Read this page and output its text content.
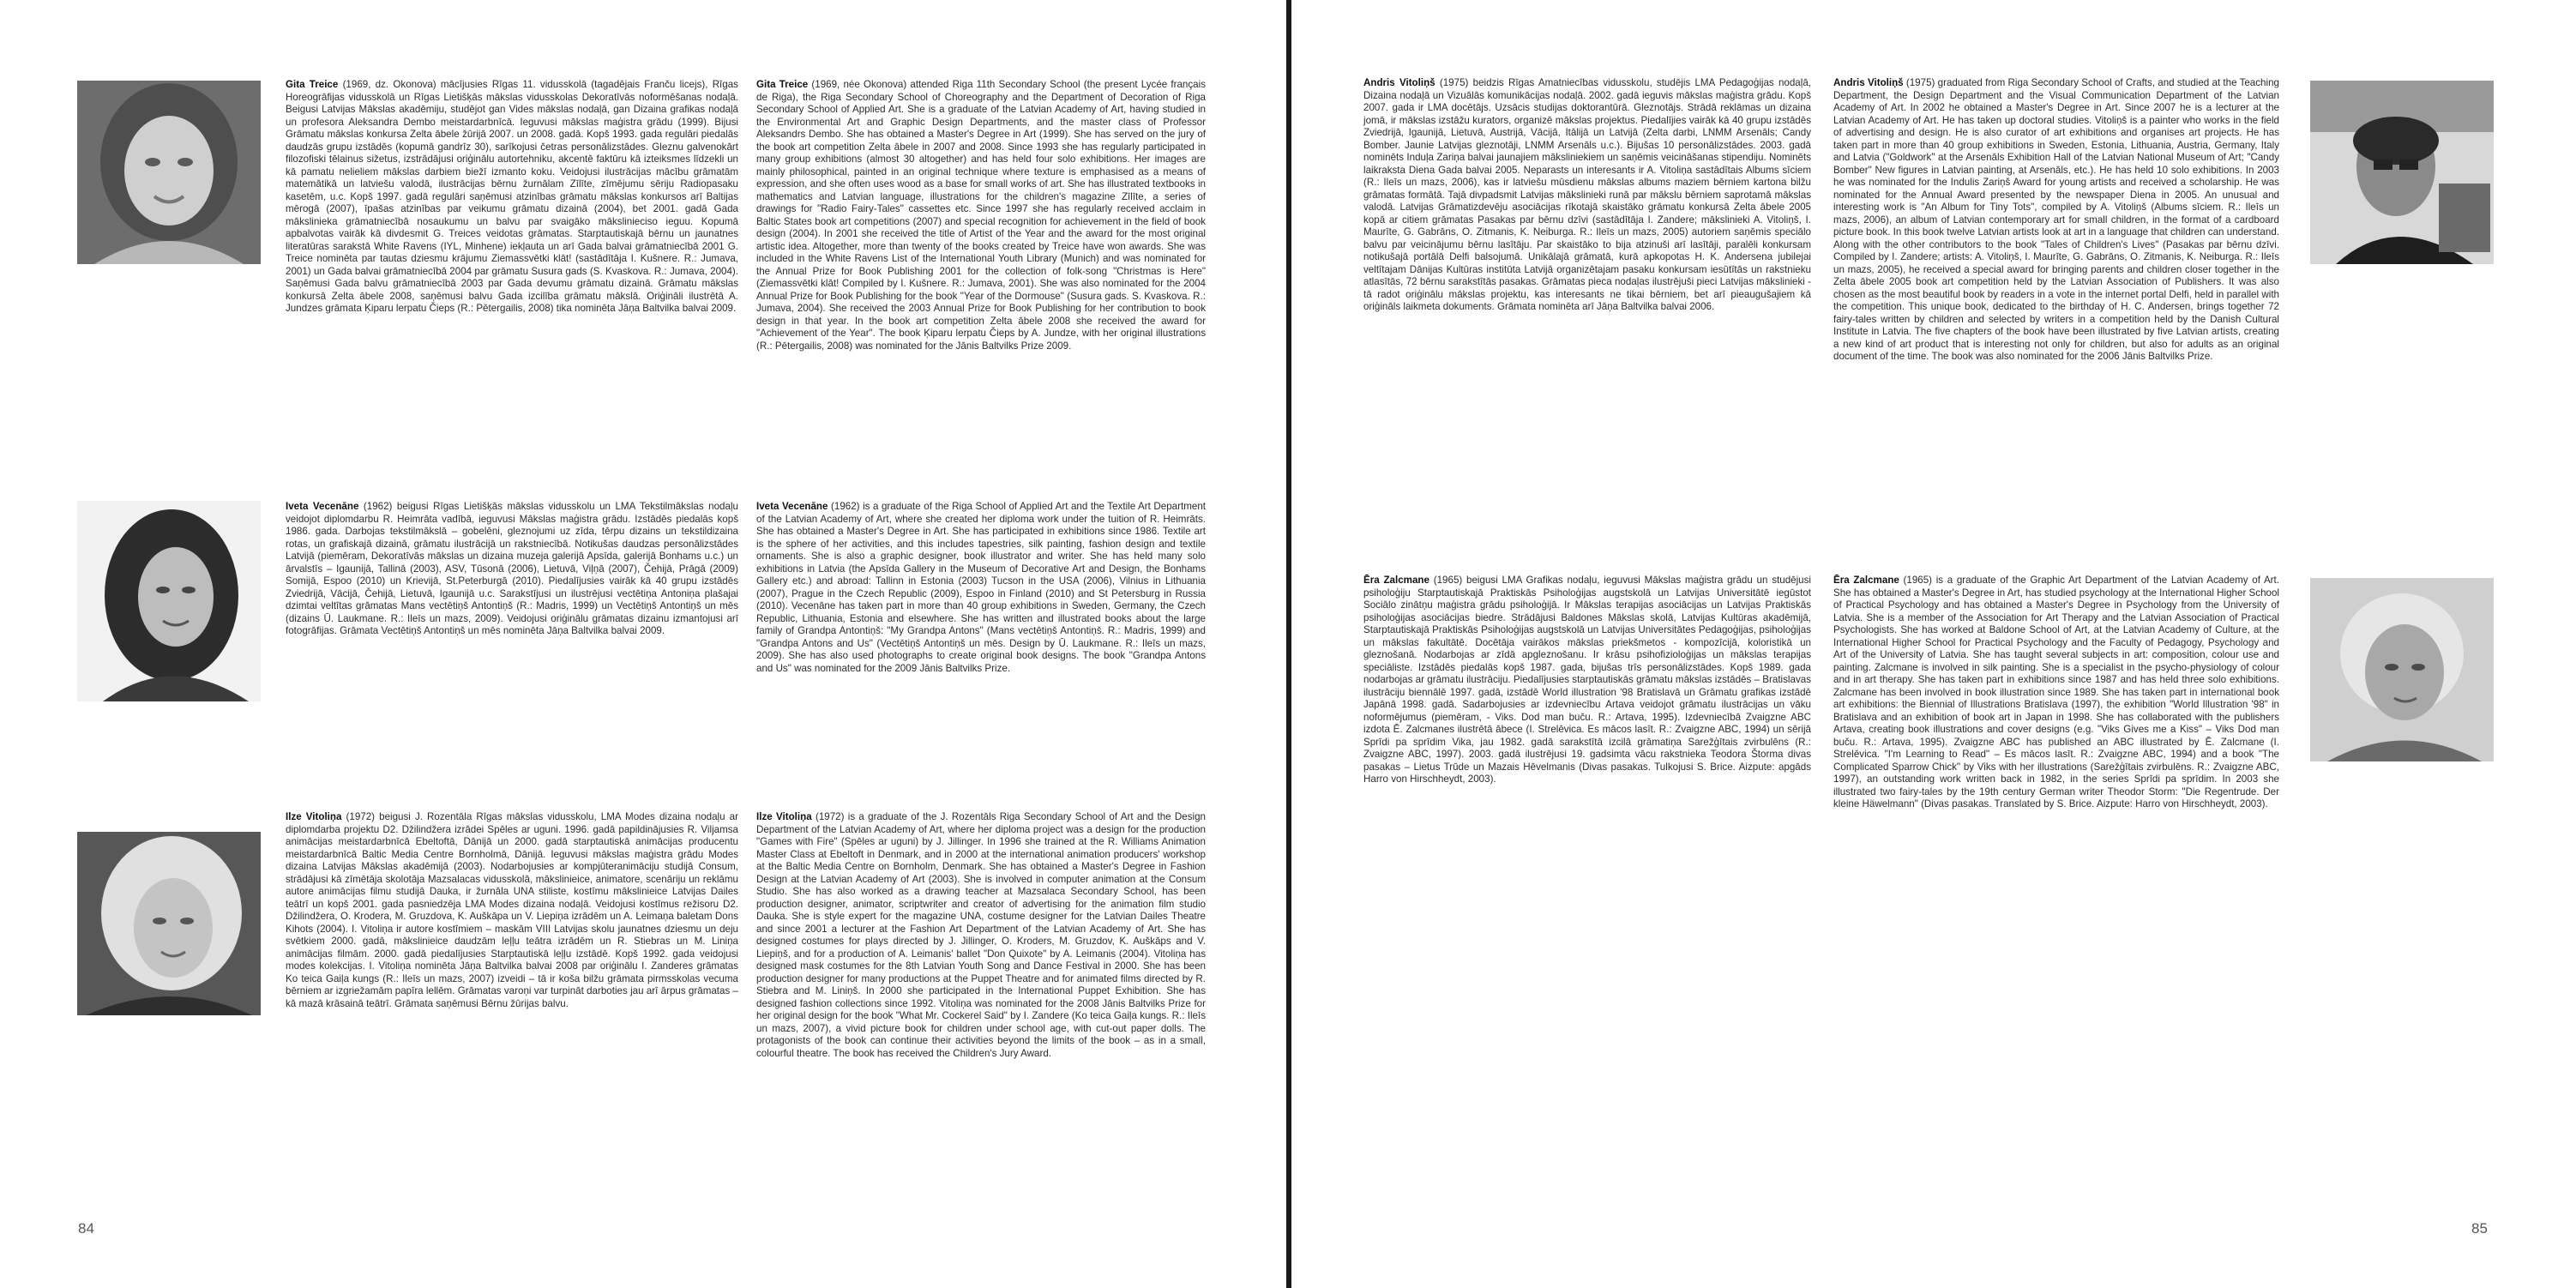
Gita Treice (1969, dz. Okonova) mācījusies Rīgas 11. vidusskolā (tagadējais Franču licejs), Rīgas Horeogrāfijas vidusskolā un Rīgas Lietišķās mākslas vidusskolas Dekoratīvās noformēšanas nodaļā. Beigusi Latvijas Mākslas akadēmiju, studējot gan Vides mākslas nodaļā, gan Dizaina grafikas nodaļā un profesora Aleksandra Dembo meistardarbnīcā. Ieguvusi mākslas maģistra grādu (1999). Bijusi Grāmatu mākslas konkursa Zelta ābele žūrijā 2007. un 2008. gadā. Kopš 1993. gada regulāri piedalās daudzās grupu izstādēs (kopumā gandrīz 30), sarīkojusi četras personālizstādes. Gleznu galvenokārt filozofiski tēlainus sižetus, izstrādājusi oriģinālu autortehniku, akcentē faktūru kā izteiksmes līdzekli un kā pamatu nelieliem mākslas darbiem biežī izmanto koku. Veidojusi ilustrācijas mācību grāmatām matemātikā un latviešu valodā, ilustrācijas bērnu žurnālam Zīlīte, zīmējumu sēriju Radiopasaku kasetēm, u.c. Kopš 1997. gadā regulāri saņēmusi atzinības grāmatu mākslas konkursos arī Baltijas mērogā (2007), īpašas atzinības par veikumu grāmatu dizainā (2004), bet 2001. gadā Gada mākslinieka grāmatniecībā nosaukumu un balvu par svaigāko mākslinieciso ieguu. Kopumā apbalvotas vairāk kā divdesmit G. Treices veidotas grāmatas. Starptautiskajā bērnu un jaunatnes literatūras sarakstā White Ravens (IYL, Minhene) iekļauta un arī Gada balvai grāmatniecībā 2001 G. Treice nominēta par tautas dziesmu krājumu Ziemassvētki klāt! (sastādītāja I. Kušnere. R.: Jumava, 2001) un Gada balvai grāmatniecībā 2004 par grāmatu Susura gads (S. Kvaskova. R.: Jumava, 2004). Saņēmusi Gada balvu grāmatniecībā 2003 par Gada devumu grāmatu dizainā. Grāmatu mākslas konkursā Zelta ābele 2008, saņēmusi balvu Gada izcilība grāmatu mākslā. Oriģināli ilustrētā A. Jundzes grāmata Ķiparu lerpatu Čieps (R.: Pētergailis, 2008) tika nominēta Jāņa Baltvilka balvai 2009.

Gita Treice (1969, née Okonova) attended Riga 11th Secondary School (the present Lycée français de Riga), the Riga Secondary School of Choreography and the Department of Decoration of Riga Secondary School of Applied Art. She is a graduate of the Latvian Academy of Art, having studied in the Environmental Art and Graphic Design Departments, and the master class of Professor Aleksandrs Dembo. She has obtained a Master's Degree in Art (1999). She has served on the jury of the book art competition Zelta ābele in 2007 and 2008. Since 1993 she has regularly participated in many group exhibitions (almost 30 altogether) and has held four solo exhibitions. Her images are mainly philosophical, painted in an original technique where texture is emphasised as a means of expression, and she often uses wood as a base for small works of art. She has illustrated textbooks in mathematics and Latvian language, illustrations for the children's magazine Zīlīte, a series of drawings for "Radio Fairy-Tales" cassettes etc. Since 1997 she has regularly received acclaim in Baltic States book art competitions (2007) and special recognition for achievement in the field of book design (2004). In 2001 she received the title of Artist of the Year and the award for the most original artistic idea. Altogether, more than twenty of the books created by Treice have won awards. She was included in the White Ravens List of the International Youth Library (Munich) and was nominated for the Annual Prize for Book Publishing 2001 for the collection of folk-song "Christmas is Here" (Ziemassvētki klāt! Compiled by I. Kušnere. R.: Jumava, 2001). She was also nominated for the 2004 Annual Prize for Book Publishing for the book "Year of the Dormouse" (Susura gads. S. Kvaskova. R.: Jumava, 2004). She received the 2003 Annual Prize for Book Publishing for her contribution to book design in that year. In the book art competition Zelta ābele 2008 she received the award for "Achievement of the Year". The book Ķiparu lerpatu Čieps by A. Jundze, with her original illustrations (R.: Pētergailis, 2008) was nominated for the Jānis Baltvilks Prize 2009.

Iveta Vecenāne (1962) beigusi Rīgas Lietišķās mākslas vidusskolu un LMA Tekstilmākslas nodaļu veidojot diplomdarbu R. Heimrāta vadībā, ieguvusi Mākslas maģistra grādu. Izstādēs piedalās kopš 1986. gada. Darbojas tekstilmākslā – gobelēni, gleznojumi uz zīda, tērpu dizains un tekstildizaina rotas, un grafiskajā dizainā, grāmatu ilustrācijā un rakstniecībā. Notikušas daudzas personālizstādes Latvijā (piemēram, Dekoratīvās mākslas un dizaina muzeja galerijā Apsīda, galerijā Bonhams u.c.) un ārvalstīs – Igaunijā, Tallinā (2003), ASV, Tūsonā (2006), Lietuvā, Viļņā (2007), Čehijā, Prāgā (2009) Somijā, Espoo (2010) un Krievijā, St.Peterburgā (2010). Piedalījusies vairāk kā 40 grupu izstādēs Zviedrijā, Vācijā, Čehijā, Lietuvā, Igaunijā u.c. Sarakstījusi un ilustrējusi vectētiņa Antoniņa plašajai dzimtai veltītas grāmatas Mans vectētiņš Antontiņš (R.: Madris, 1999) un Vectētiņš Antontiņš un mēs (dizains Ū. Laukmane. R.: Ileīs un mazs, 2009). Veidojusi oriģinālu grāmatas dizainu izmantojusi arī fotogrāfijas. Grāmata Vectētiņš Antontiņš un mēs nominēta Jāņa Baltvilka balvai 2009.

Iveta Vecenāne (1962) is a graduate of the Riga School of Applied Art and the Textile Art Department of the Latvian Academy of Art, where she created her diploma work under the tuition of R. Heimrāts. She has obtained a Master's Degree in Art. She has participated in exhibitions since 1986. Textile art is the sphere of her activities, and this includes tapestries, silk painting, fashion design and textile ornaments. She is also a graphic designer, book illustrator and writer. She has held many solo exhibitions in Latvia (the Apsīda Gallery in the Museum of Decorative Art and Design, the Bonhams Gallery etc.) and abroad: Tallinn in Estonia (2003) Tucson in the USA (2006), Vilnius in Lithuania (2007), Prague in the Czech Republic (2009), Espoo in Finland (2010) and St Petersburg in Russia (2010). Vecenāne has taken part in more than 40 group exhibitions in Sweden, Germany, the Czech Republic, Lithuania, Estonia and elsewhere. She has written and illustrated books about the large family of Grandpa Antontiņš: "My Grandpa Antons" (Mans vectētiņš Antontiņš. R.: Madris, 1999) and "Grandpa Antons and Us" (Vectētiņš Antontiņš un mēs. Design by Ū. Laukmane. R.: Ileīs un mazs, 2009). She has also used photographs to create original book designs. The book "Grandpa Antons and Us" was nominated for the 2009 Jānis Baltvilks Prize.

Ilze Vitoliņa (1972) beigusi J. Rozentāla Rīgas mākslas vidusskolu, LMA Modes dizaina nodaļu ar diplomdarba projektu D2. Džilindžera izrādei Spēles ar uguni. 1996. gadā papildinājusies R. Viljamsa animācijas meistardarbnīcā Ebeltoftā, Dānijā un 2000. gadā starptautiskā animācijas producentu meistardarbnīcā Baltic Media Centre Bornholmā, Dānijā. Ieguvusi mākslas maģistra grādu Modes dizaina Latvijas Mākslas akadēmijā (2003). Nodarbojusies ar kompjūteranimāciju studijā Consum, strādājusi kā zīmētāja skolotāja Mazsalacas vidusskolā, mākslinieice, animatore, scenāriju un reklāmu autore animācijas filmu studijā Dauka, ir žurnāla UNA stiliste, kostīmu mākslinieice Latvijas Dailes teātrī un kopš 2001. gada pasniedzēja LMA Modes dizaina nodaļā. Veidojusi kostīmus režisoru D2. Džilindžera, O. Krodera, M. Gruzdova, K. Auškāpa un V. Liepiņa izrādēm un A. Leimaņa baletam Dons Kihots (2004). I. Vitoliņa ir autore kostīmiem – maskām VIII Latvijas skolu jaunatnes dziesmu un deju svētkiem 2000. gadā, mākslinieice daudzām leļļu teātra izrādēm un R. Stiebras un M. Liniņa animācijas filmām. 2000. gadā piedalījusies Starptautiskā leļļu izstādē. Kopš 1992. gada veidojusi modes kolekcijas. I. Vitoliņa nominēta Jāņa Baltvilka balvai 2008 par oriģinālu I. Zanderes grāmatas Ko teica Gaiļa kungs (R.: Ileīs un mazs, 2007) izveidi – tā ir koša bilžu grāmata pirmsskolas vecuma bērniem ar izgriežamām papīra lellēm. Grāmatas varoņi var turpināt darboties jau arī ārpus grāmatas – kā mazā krāsainā teātrī. Grāmata saņēmusi Bērnu žūrijas balvu.

Ilze Vitoliņa (1972) is a graduate of the J. Rozentāls Riga Secondary School of Art and the Design Department of the Latvian Academy of Art, where her diploma project was a design for the production "Games with Fire" (Spēles ar uguni) by J. Jillinger. In 1996 she trained at the R. Williams Animation Master Class at Ebeltoft in Denmark, and in 2000 at the international animation producers' workshop at the Baltic Media Centre on Bornholm, Denmark. She has obtained a Master's Degree in Fashion Design at the Latvian Academy of Art (2003). She is involved in computer animation at the Consum Studio. She has also worked as a drawing teacher at Mazsalaca Secondary School, has been production designer, animator, scriptwriter and creator of advertising for the animation film studio Dauka. She is style expert for the magazine UNA, costume designer for the Latvian Dailes Theatre and since 2001 a lecturer at the Fashion Art Department of the Latvian Academy of Art. She has designed costumes for plays directed by J. Jillinger, O. Kroders, M. Gruzdov, K. Auškāps and V. Liepiņš, and for a production of A. Leimanis' ballet "Don Quixote" by A. Leimanis (2004). Vitoliņa has designed mask costumes for the 8th Latvian Youth Song and Dance Festival in 2000. She has been production designer for many productions at the Puppet Theatre and for animated films directed by R. Stiebra and M. Liniņš. In 2000 she participated in the International Puppet Exhibition. She has designed fashion collections since 1992. Vitoliņa was nominated for the 2008 Jānis Baltvilks Prize for her original design for the book "What Mr. Cockerel Said" by I. Zandere (Ko teica Gaiļa kungs. R.: Ileīs un mazs, 2007), a vivid picture book for children under school age, with cut-out paper dolls. The protagonists of the book can continue their activities beyond the limits of the book – as in a small, colourful theatre. The book has received the Children's Jury Award.

84

Andris Vitoliņš (1975) beidzis Rīgas Amatniecības vidusskolu, studējis LMA Pedagoģijas nodaļā, Dizaina nodaļā un Vizuālās komunikācijas nodaļā. 2002. gadā ieguvis mākslas maģistra grādu. Kopš 2007. gada ir LMA docētājs. Uzsācis studijas doktorantūrā. Gleznotājs. Strādā reklāmas un dizaina jomā, ir mākslas izstāžu kurators, organizē mākslas projektus. Piedalījies vairāk kā 40 grupu izstādēs Zviedrijā, Igaunijā, Lietuvā, Austrijā, Vācijā, Itālijā un Latvijā (Zelta darbi, LNMM Arsenāls; Candy Bomber. Jaunie Latvijas gleznotāji, LNMM Arsenāls u.c.). Bijušas 10 personālizstādes. 2003. gadā nominēts Induļa Zariņa balvai jaunajiem māksliniekiem un saņēmis veicināšanas stipendiju. Nominēts laikraksta Diena Gada balvai 2005. Neparasts un interesants ir A. Vitoliņa sastādītais Albums sīciem (R.: Ileīs un mazs, 2006), kas ir latviešu mūsdienu mākslas albums maziem bērniem kartona bilžu grāmatas formātā. Tajā divpadsmit Latvijas mākslinieki runā par mākslu bērniem saprotamā mākslas valodā. Latvijas Grāmatizdevēju asociācijas rīkotajā skaistāko grāmatu konkursā Zelta ābele 2005 kopā ar citiem grāmatas Pasakas par bērnu dzīvi (sastādītāja I. Zandere; mākslinieki A. Vitoliņš, I. Maurīte, G. Gabrāns, O. Zitmanis, K. Neiburga. R.: Ileīs un mazs, 2005) autoriem saņēmis speciālo balvu par veicinājumu bērnu lasītāju. Par skaistāko to bija atzinuši arī lasītāji, paralēli konkursam notikušajā portālā Delfi balsojumā. Unikālajā grāmatā, kurā apkopotas H. K. Andersena jubilejai veltītajam Dānijas Kultūras institūta Latvijā organizētajam pasaku konkursam iesūtītās un rakstnieku atlasītās, 72 bērnu sarakstītās pasakas. Grāmatas pieca nodaļas ilustrējuši pieci Latvijas mākslinieki - tā radot oriģinālu mākslas projektu, kas interesants ne tikai bērniem, bet arī pieaugušajiem kā oriģināls laikmeta dokuments. Grāmata nominēta arī Jāņa Baltvilka balvai 2006.

Andris Vitoliņš (1975) graduated from Riga Secondary School of Crafts, and studied at the Teaching Department, the Design Department and the Visual Communication Department of the Latvian Academy of Art. In 2002 he obtained a Master's Degree in Art. Since 2007 he is a lecturer at the Latvian Academy of Art. He has taken up doctoral studies. Vitoliņš is a painter who works in the field of advertising and design. He is also curator of art exhibitions and organises art projects. He has taken part in more than 40 group exhibitions in Sweden, Estonia, Lithuania, Austria, Germany, Italy and Latvia ("Goldwork" at the Arsenāls Exhibition Hall of the Latvian National Museum of Art; "Candy Bomber" New figures in Latvian painting, at Arsenāls, etc.). He has held 10 solo exhibitions. In 2003 he was nominated for the Indulis Zariņš Award for young artists and received a scholarship. He was nominated for the Annual Award presented by the newspaper Diena in 2005. An unusual and interesting work is "An Album for Tiny Tots", compiled by A. Vitoliņš (Albums sīciem. R.: Ileīs un mazs, 2006), an album of Latvian contemporary art for small children, in the format of a cardboard picture book. In this book twelve Latvian artists look at art in a language that children can understand. Along with the other contributors to the book "Tales of Children's Lives" (Pasakas par bērnu dzīvi. Compiled by I. Zandere; artists: A. Vitoliņš, I. Maurīte, G. Gabrāns, O. Zitmanis, K. Neiburga. R.: Ileīs un mazs, 2005), he received a special award for bringing parents and children closer together in the Zelta ābele 2005 book art competition held by the Latvian Association of Publishers. It was also chosen as the most beautiful book by readers in a vote in the internet portal Delfi, held in parallel with the competition. This unique book, dedicated to the birthday of H. C. Andersen, brings together 72 fairy-tales written by children and selected by writers in a competition held by the Danish Cultural Institute in Latvia. The five chapters of the book have been illustrated by five Latvian artists, creating a new kind of art product that is interesting not only for children, but also for adults as an original document of the time. The book was also nominated for the 2006 Jānis Baltvilks Prize.

Ēra Zalcmane (1965) beigusi LMA Grafikas nodaļu, ieguvusi Mākslas maģistra grādu un studējusi psiholoģiju Starptautiskajā Praktiskās Psiholoģijas augstskolā un Latvijas Universitātē iegūstot Sociālo zinātņu maģistra grādu psiholoģijā. Ir Mākslas terapijas asociācijas un Latvijas Praktiskās psiholoģijas asociācijas biedre. Strādājusi Baldones Mākslas skolā, Latvijas Kultūras akadēmijā, Starptautiskajā Praktiskās Psiholoģijas augstskolā un Latvijas Universitātes Pedagoģijas, psiholoģijas un mākslas fakultātē. Docētāja vairākos mākslas priekšmetos - kompozīcijā, koloristikā un gleznošanā. Nodarbojas ar zīdā apgleznošanu. Ir krāsu psihofizioloģijas un mākslas terapijas speciāliste. Izstādēs piedalās kopš 1987. gada, bijušas trīs personālizstādes. Kopš 1989. gada nodarbojas ar grāmatu ilustrāciju. Piedalījusies starptautiskās grāmatu mākslas izstādēs – Bratislavas ilustrāciju biennālē 1997. gadā, izstādē World illustration '98 Bratislavā un Grāmatu grafikas izstādē Japānā 1998. gadā. Sadarbojusies ar izdevniecību Artava veidojot grāmatu ilustrācijas un vāku noformējumus (piemēram, - Viks. Dod man buču. R.: Artava, 1995). Izdevniecībā Zvaigzne ABC izdota Ē. Zalcmanes ilustrētā ābece (I. Strelēvica. Es mācos lasīt. R.: Zvaigzne ABC, 1994) un sērijā Sprīdi pa sprīdim Vika, jau 1982. gadā sarakstītā izcilā grāmatiņa Sarežģītais zvirbulēns (R.: Zvaigzne ABC, 1997). 2003. gadā ilustrējusi 19. gadsimta vācu rakstnieka Teodora Štorma divas pasakas – Lietus Trūde un Mazais Hēvelmanis (Divas pasakas. Tulkojusi S. Brice. Aizpute: apgāds Harro von Hirschheydt, 2003).

Ēra Zalcmane (1965) is a graduate of the Graphic Art Department of the Latvian Academy of Art. She has obtained a Master's Degree in Art, has studied psychology at the International Higher School of Practical Psychology and has obtained a Master's Degree in Psychology from the University of Latvia. She is a member of the Association for Art Therapy and the Latvian Association of Practical Psychologists. She has worked at Baldone School of Art, at the Latvian Academy of Culture, at the International Higher School for Practical Psychology and the Faculty of Pedagogy, Psychology and Art of the University of Latvia. She has taught several subjects in art: composition, colour use and painting. Zalcmane is involved in silk painting. She is a specialist in the psycho-physiology of colour and in art therapy. She has taken part in exhibitions since 1987 and has held three solo exhibitions. Zalcmane has been involved in book illustration since 1989. She has taken part in international book art exhibitions: the Biennial of Illustrations Bratislava (1997), the exhibition "World Illustration '98" in Bratislava and an exhibition of book art in Japan in 1998. She has collaborated with the publishers Artava, creating book illustrations and cover designs (e.g. "Viks Gives me a Kiss" – Viks Dod man buču. R.: Artava, 1995). Zvaigzne ABC has published an ABC illustrated by Ē. Zalcmane (I. Strelēvica. "I'm Learning to Read" – Es mācos lasīt. R.: Zvaigzne ABC, 1994) and a book "The Complicated Sparrow Chick" by Viks with her illustrations (Sarežģītais zvirbulēns. R.: Zvaigzne ABC, 1997), an outstanding work written back in 1982, in the series Sprīdi pa sprīdim. In 2003 she illustrated two fairy-tales by the 19th century German writer Theodor Storm: "Die Regentrude. Der kleine Häwelmann" (Divas pasakas. Translated by S. Brice. Aizpute: Harro von Hirschheydt, 2003).

85
